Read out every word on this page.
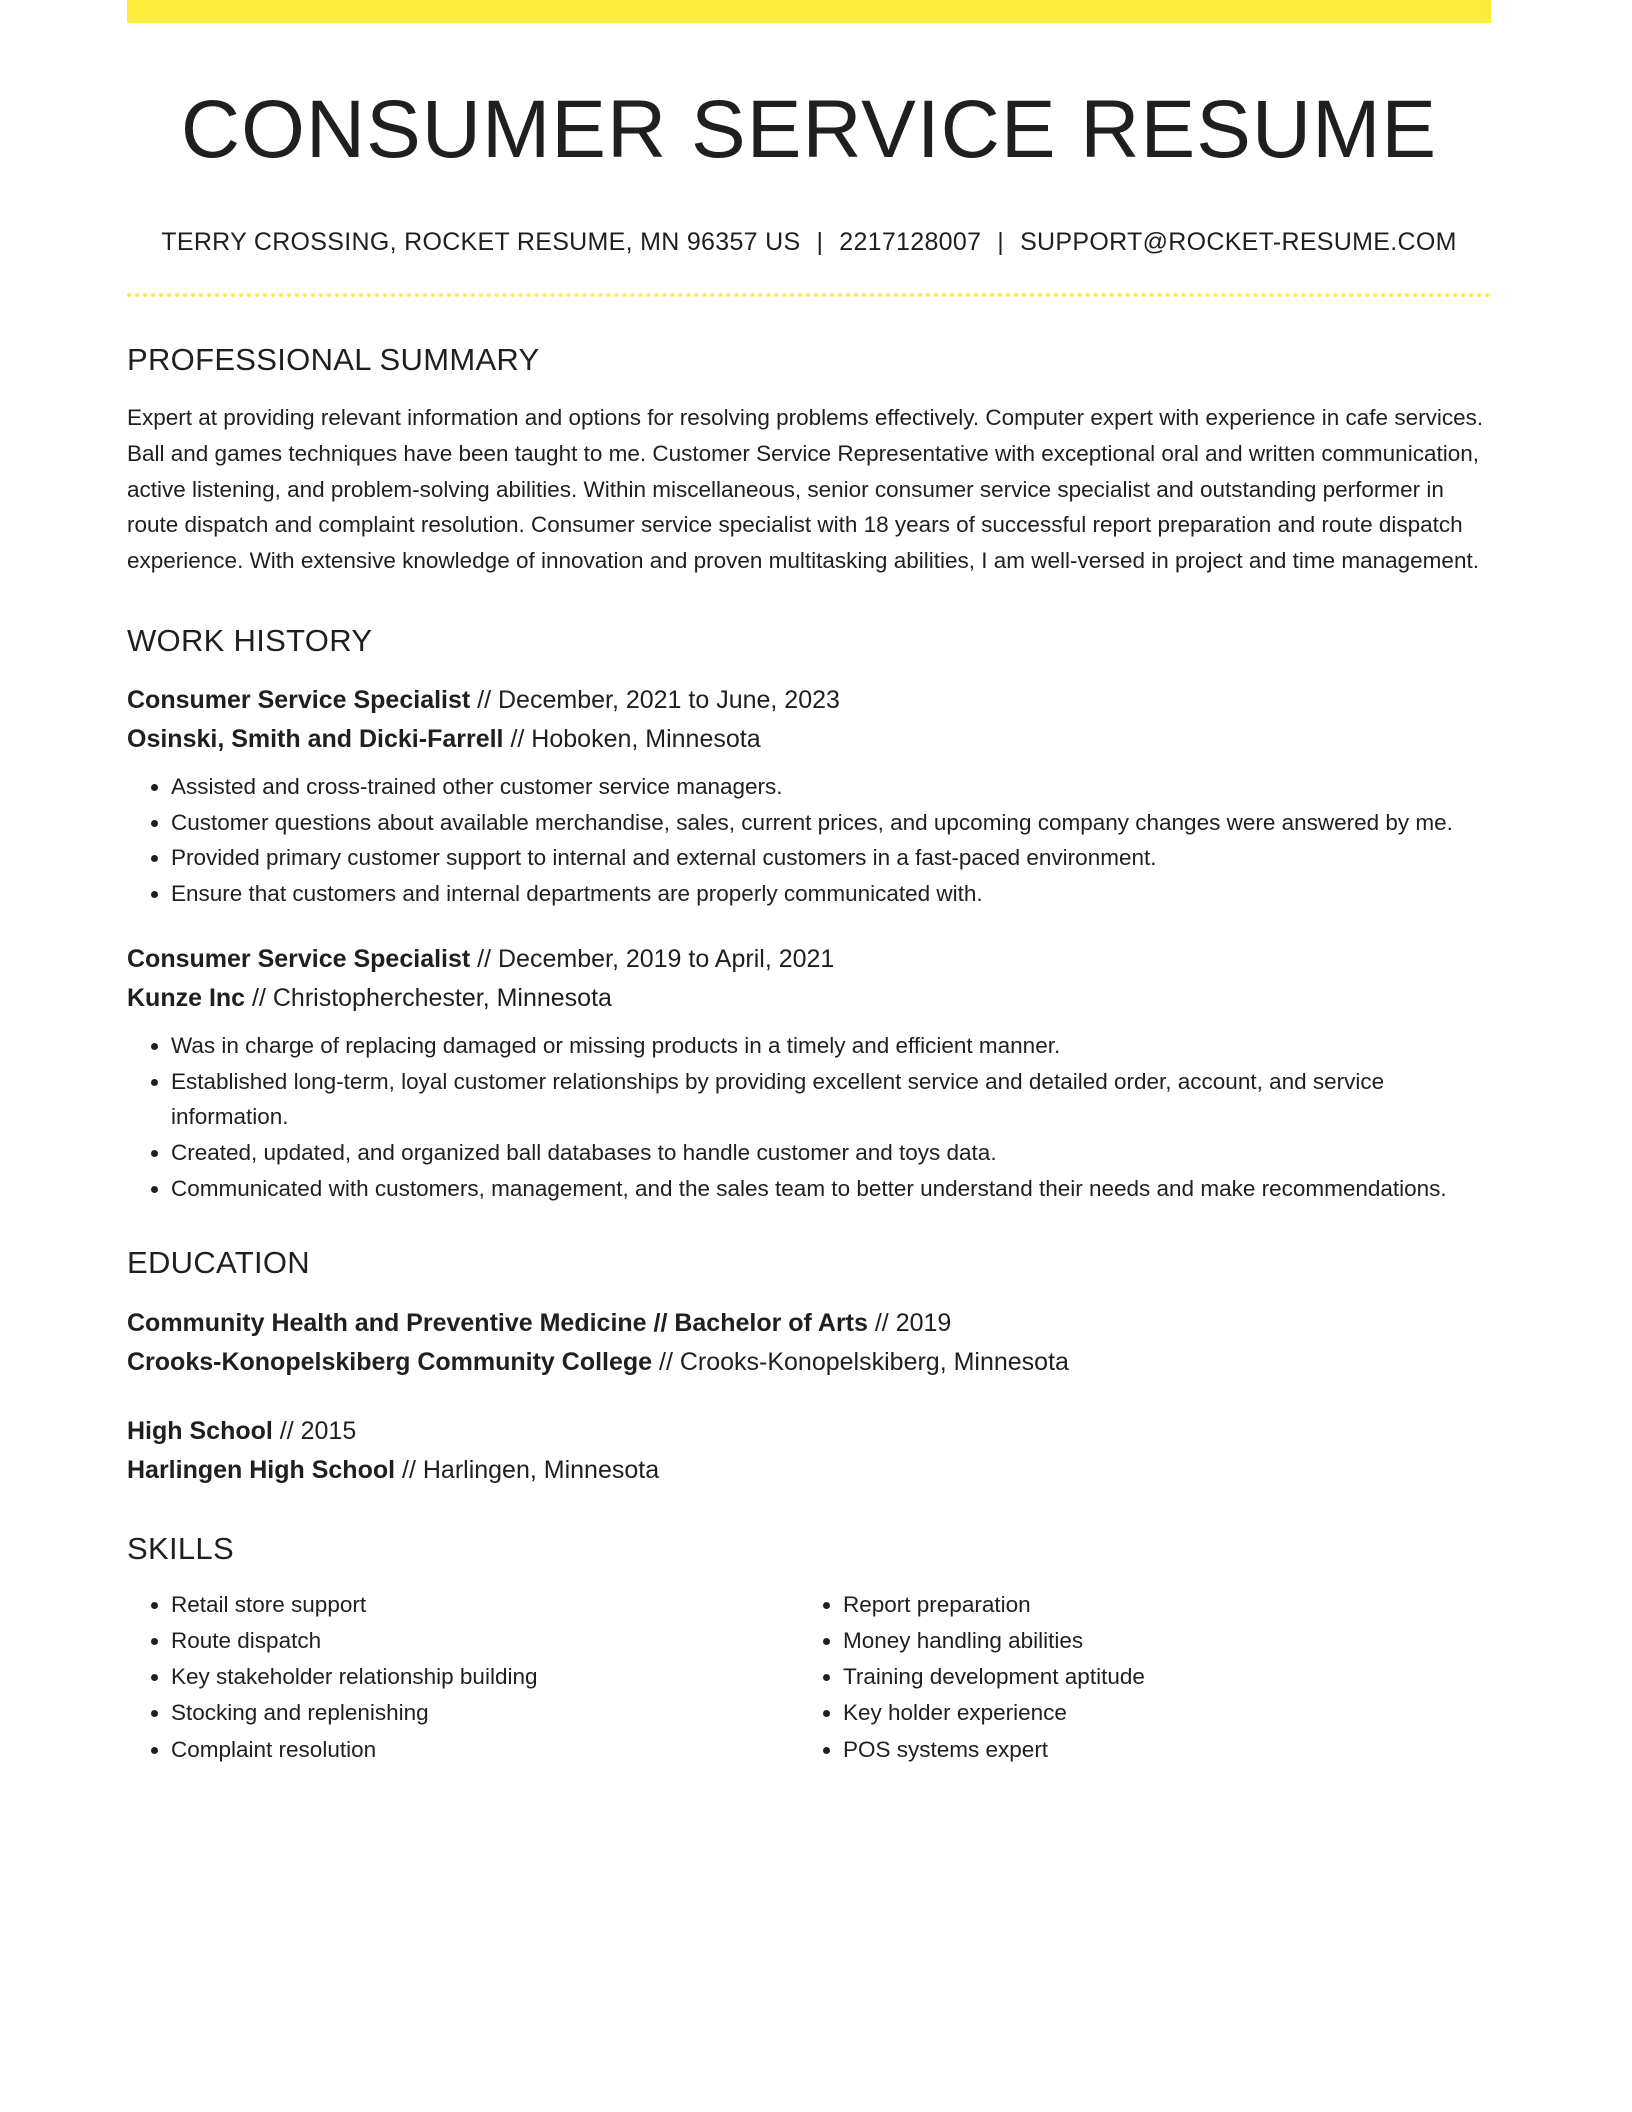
CONSUMER SERVICE RESUME
TERRY CROSSING, ROCKET RESUME, MN 96357 US | 2217128007 | SUPPORT@ROCKET-RESUME.COM
PROFESSIONAL SUMMARY
Expert at providing relevant information and options for resolving problems effectively. Computer expert with experience in cafe services. Ball and games techniques have been taught to me. Customer Service Representative with exceptional oral and written communication, active listening, and problem-solving abilities. Within miscellaneous, senior consumer service specialist and outstanding performer in route dispatch and complaint resolution. Consumer service specialist with 18 years of successful report preparation and route dispatch experience. With extensive knowledge of innovation and proven multitasking abilities, I am well-versed in project and time management.
WORK HISTORY
Consumer Service Specialist // December, 2021 to June, 2023
Osinski, Smith and Dicki-Farrell // Hoboken, Minnesota
• Assisted and cross-trained other customer service managers.
• Customer questions about available merchandise, sales, current prices, and upcoming company changes were answered by me.
• Provided primary customer support to internal and external customers in a fast-paced environment.
• Ensure that customers and internal departments are properly communicated with.
Consumer Service Specialist // December, 2019 to April, 2021
Kunze Inc // Christopherchester, Minnesota
• Was in charge of replacing damaged or missing products in a timely and efficient manner.
• Established long-term, loyal customer relationships by providing excellent service and detailed order, account, and service information.
• Created, updated, and organized ball databases to handle customer and toys data.
• Communicated with customers, management, and the sales team to better understand their needs and make recommendations.
EDUCATION
Community Health and Preventive Medicine // Bachelor of Arts // 2019
Crooks-Konopelskiberg Community College // Crooks-Konopelskiberg, Minnesota
High School // 2015
Harlingen High School // Harlingen, Minnesota
SKILLS
• Retail store support
• Route dispatch
• Key stakeholder relationship building
• Stocking and replenishing
• Complaint resolution
• Report preparation
• Money handling abilities
• Training development aptitude
• Key holder experience
• POS systems expert
